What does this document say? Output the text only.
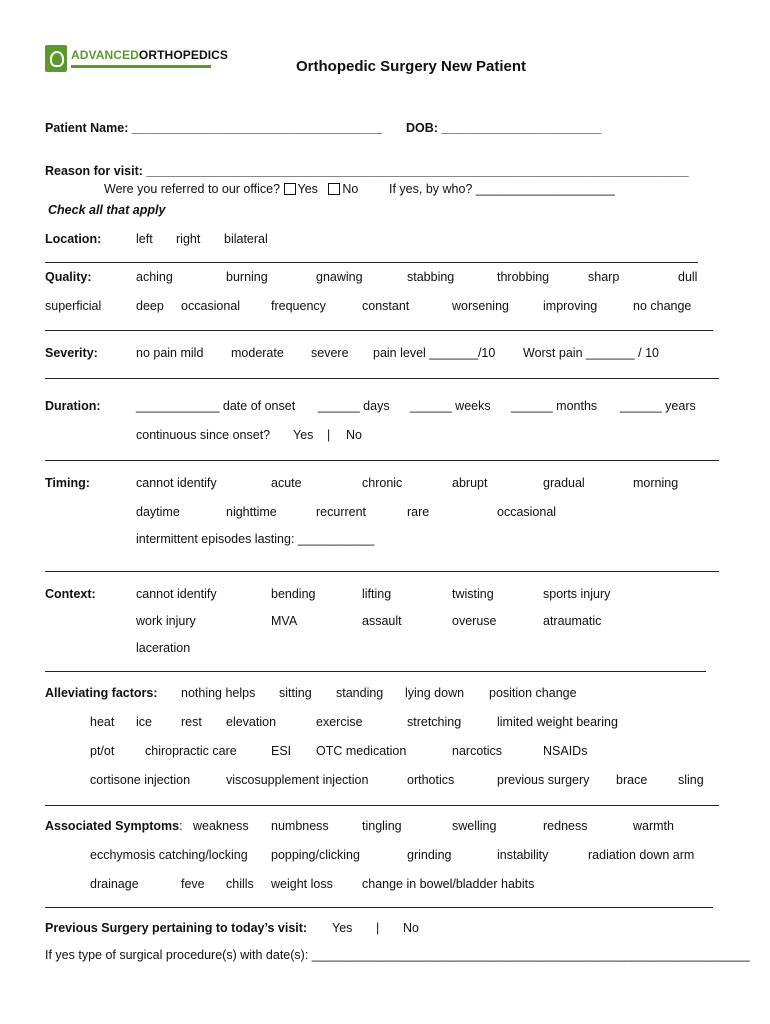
ADVANCEDORTHOPEDICS
Orthopedic Surgery New Patient
Patient Name: ____________________________________ DOB: _______________________
Reason for visit: ______________________________________________________________________________
Were you referred to our office? Yes No If yes, by who? ____________________
Check all that apply
Location:	left right bilateral
Quality:	aching	burning	gnawing	stabbing	throbbing	sharp	dull
superficial	deep occasional frequency	constant	worsening	improving	no change
Severity:	no pain mild moderate severe pain level _______/10 Worst pain _______ / 10
Duration:	____________ date of onset ______ days ______ weeks ______ months ______ years
continuous since onset? Yes | No
Timing:	cannot identify	acute	chronic	abrupt	gradual	morning
daytime	nighttime	recurrent	rare	occasional
intermittent episodes lasting: ___________
Context:	cannot identify	bending	lifting	twisting	sports injury
work injury	MVA	assault	overuse	atraumatic
laceration
Alleviating factors: nothing helps sitting standing lying down position change
heat ice rest elevation	exercise	stretching	limited weight bearing
pt/ot chiropractic care	ESI OTC medication	narcotics	NSAIDs
cortisone injection	viscosupplement injection	orthotics	previous surgery brace sling
Associated Symptoms: weakness numbness	tingling	swelling	redness	warmth
ecchymosis catching/locking popping/clicking	grinding	instability	radiation down arm
drainage	feve chills weight loss change in bowel/bladder habits
Previous Surgery pertaining to today’s visit: Yes | No
If yes type of surgical procedure(s) with date(s): _______________________________________________________________
